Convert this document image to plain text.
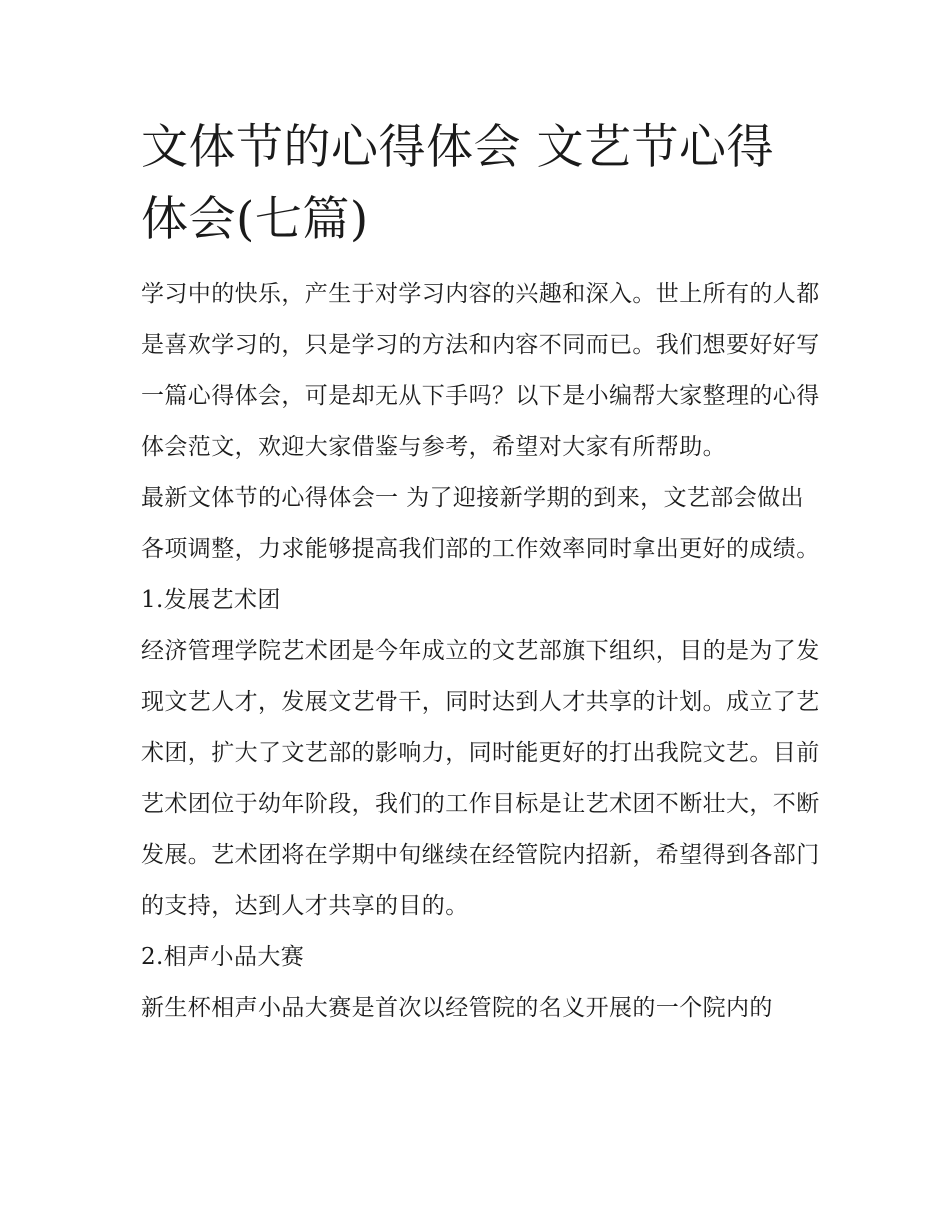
文体节的心得体会 文艺节心得体会(七篇)

学习中的快乐，产生于对学习内容的兴趣和深入。世上所有的人都是喜欢学习的，只是学习的方法和内容不同而已。我们想要好好写一篇心得体会，可是却无从下手吗？以下是小编帮大家整理的心得体会范文，欢迎大家借鉴与参考，希望对大家有所帮助。

最新文体节的心得体会一 为了迎接新学期的到来，文艺部会做出各项调整，力求能够提高我们部的工作效率同时拿出更好的成绩。 1.发展艺术团

经济管理学院艺术团是今年成立的文艺部旗下组织，目的是为了发现文艺人才，发展文艺骨干，同时达到人才共享的计划。成立了艺术团，扩大了文艺部的影响力，同时能更好的打出我院文艺。目前艺术团位于幼年阶段，我们的工作目标是让艺术团不断壮大，不断发展。艺术团将在学期中旬继续在经管院内招新，希望得到各部门的支持，达到人才共享的目的。

2.相声小品大赛

新生杯相声小品大赛是首次以经管院的名义开展的一个院内的
